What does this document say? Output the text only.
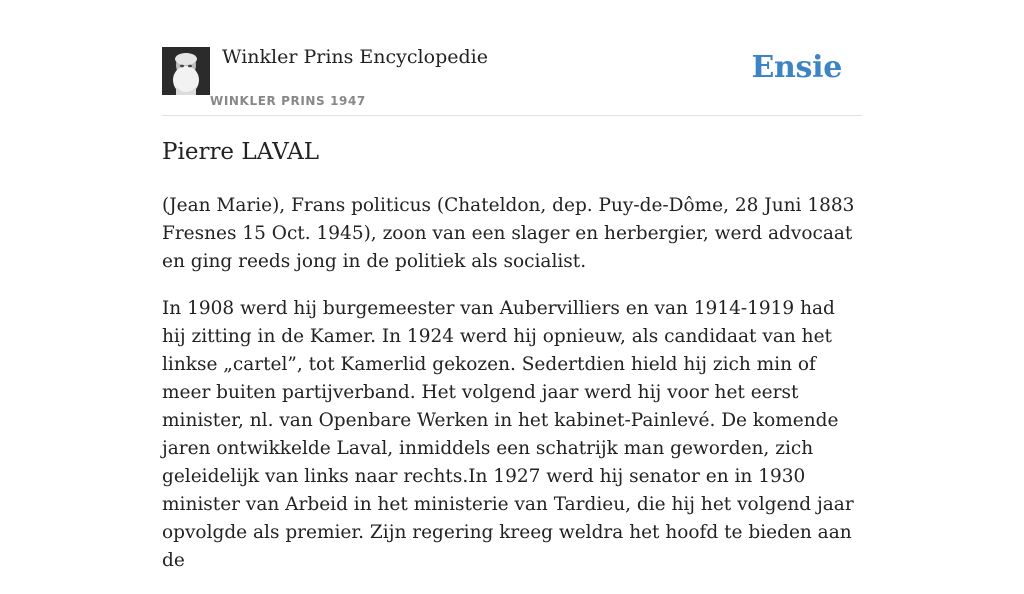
Winkler Prins Encyclopedie
WINKLER PRINS 1947
Ensie
Pierre LAVAL

(Jean Marie), Frans politicus (Chateldon, dep. Puy-de-Dôme, 28 Juni 1883 Fresnes 15 Oct. 1945), zoon van een slager en herbergier, werd advocaat en ging reeds jong in de politiek als socialist.

In 1908 werd hij burgemeester van Aubervilliers en van 1914-1919 had hij zitting in de Kamer. In 1924 werd hij opnieuw, als candidaat van het linkse „cartel”, tot Kamerlid gekozen. Sedertdien hield hij zich min of meer buiten partijverband. Het volgend jaar werd hij voor het eerst minister, nl. van Openbare Werken in het kabinet-Painlevé. De komende jaren ontwikkelde Laval, inmiddels een schatrijk man geworden, zich geleidelijk van links naar rechts.In 1927 werd hij senator en in 1930 minister van Arbeid in het ministerie van Tardieu, die hij het volgend jaar opvolgde als premier. Zijn regering kreeg weldra het hoofd te bieden aan de
